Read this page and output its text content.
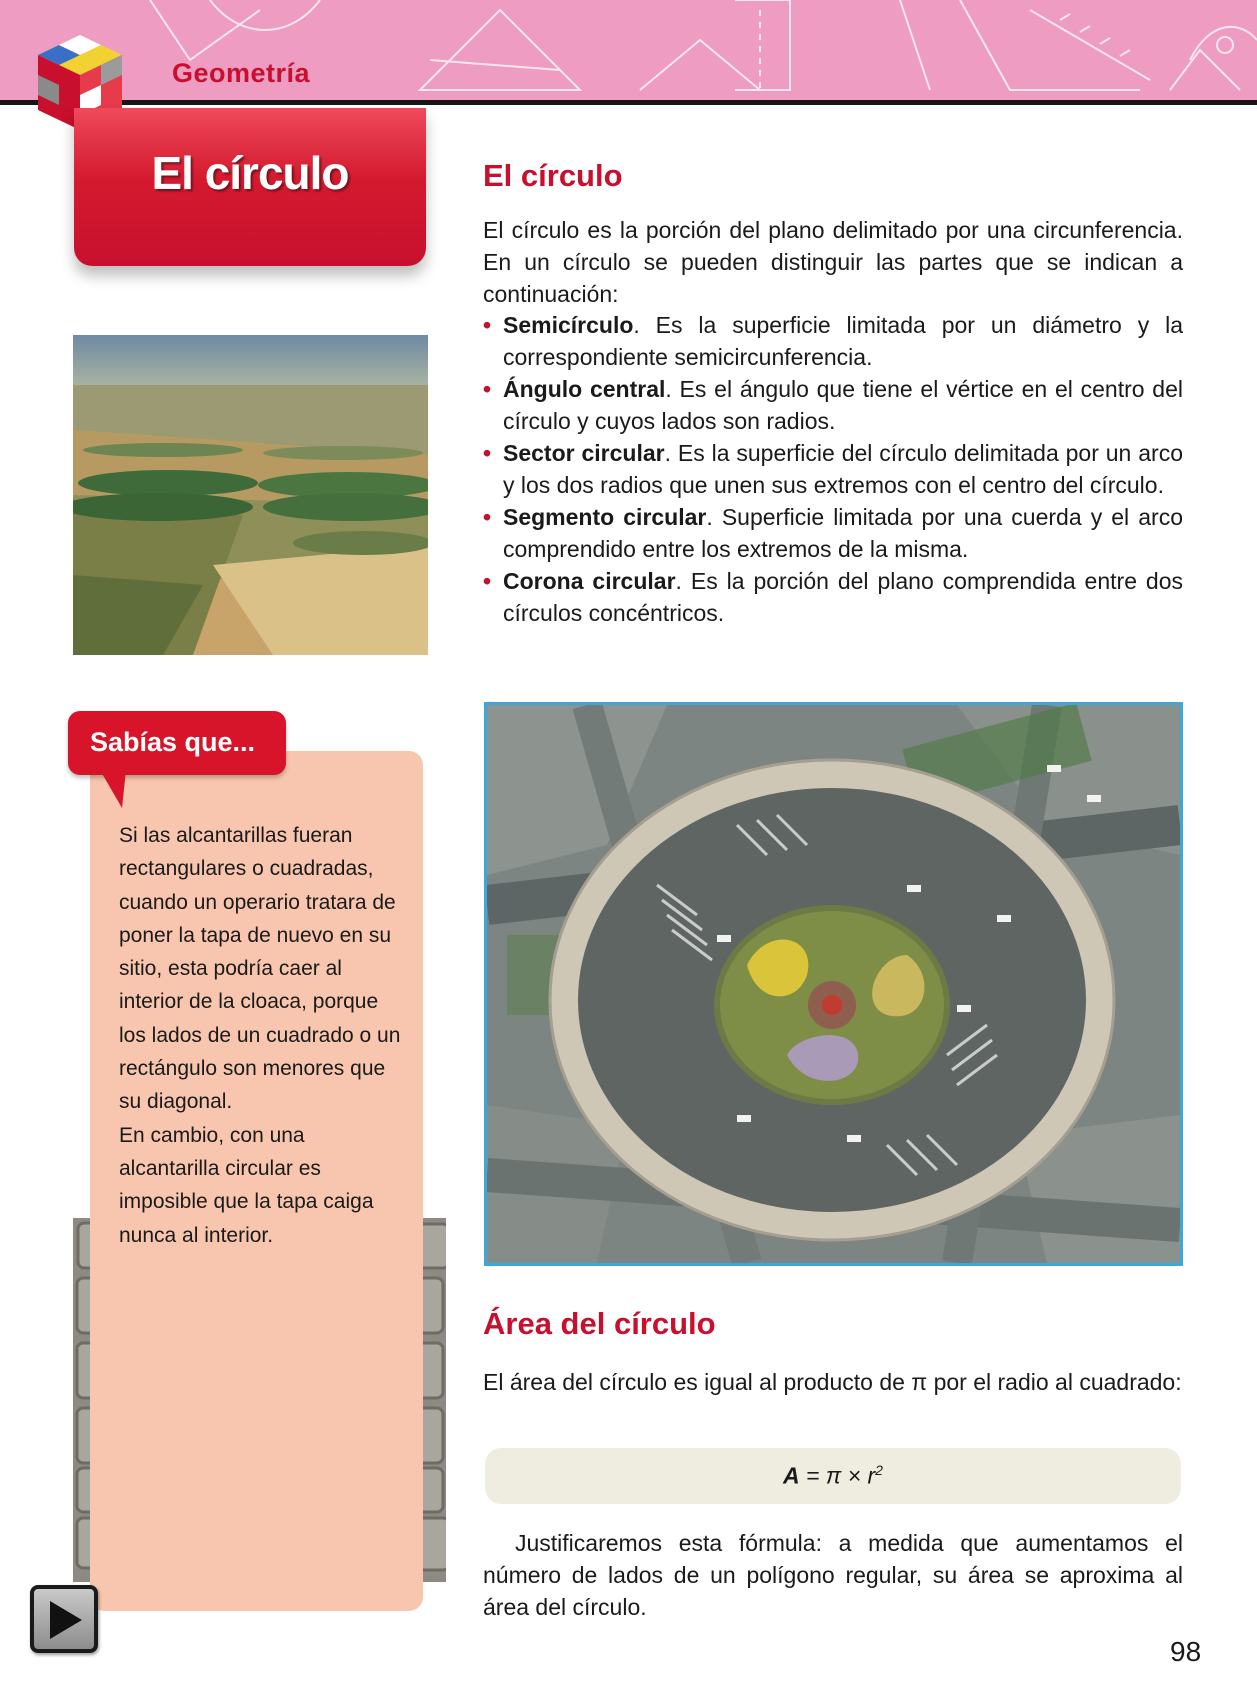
Geometría
El círculo	El círculo
El círculo es la porción del plano delimitado por una circunferencia. En un círculo se pueden distinguir las partes que se indican a continuación:
• Semicírculo. Es la superficie limitada por un diámetro y la correspondiente semicircunferencia.
• Ángulo central. Es el ángulo que tiene el vértice en el centro del círculo y cuyos lados son radios.
• Sector circular. Es la superficie del círculo delimitada por un arco y los dos radios que unen sus extremos con el centro del círculo.
• Segmento circular. Superficie limitada por una cuerda y el arco comprendido entre los extremos de la misma.
• Corona circular. Es la porción del plano comprendida entre dos círculos concéntricos.
Área del círculo
El área del círculo es igual al producto de π por el radio al cuadrado:
$A = \pi \times r^2$
Justificaremos esta fórmula: a medida que aumentamos el número de lados de un polígono regular, su área se aproxima al área del círculo.
Sabías que...

Si las alcantarillas fueran rectangulares o cuadradas, cuando un operario tratara de poner la tapa de nuevo en su sitio, esta podría caer al interior de la cloaca, porque los lados de un cuadrado o un rectángulo son menores que su diagonal.

En cambio, con una alcantarilla circular es imposible que la tapa caiga nunca al interior.

98
